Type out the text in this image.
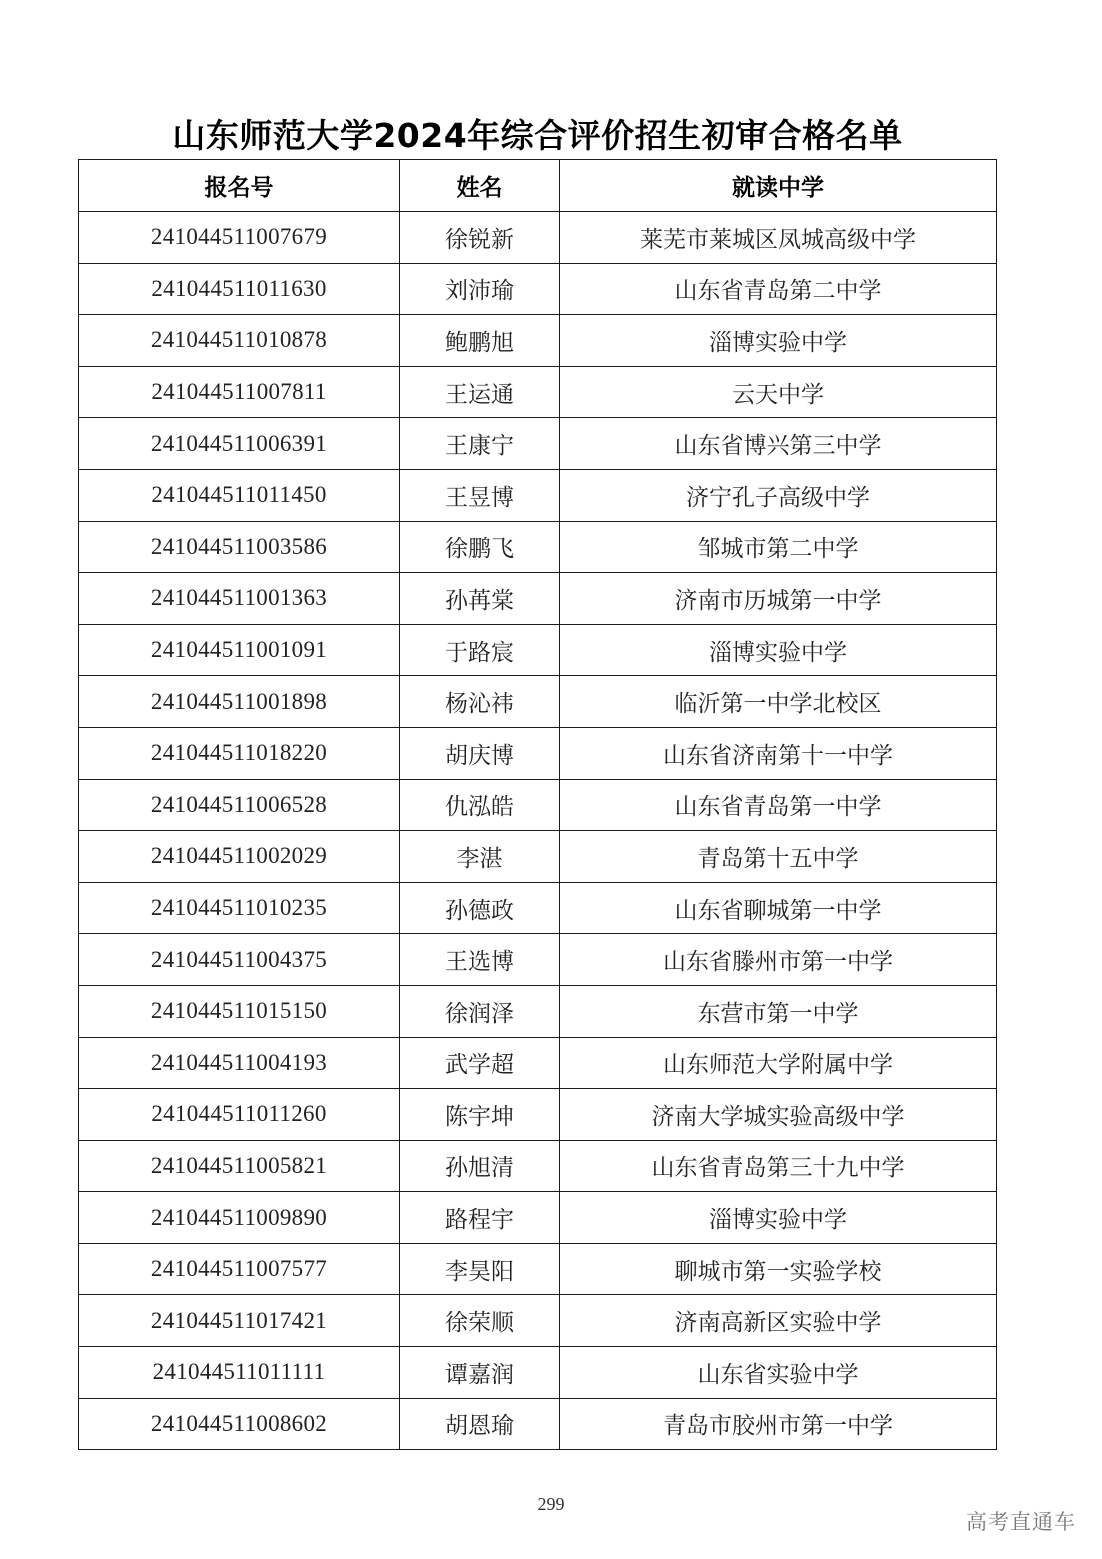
山东师范大学2024年综合评价招生初审合格名单
报名号	姓名	就读中学
241044511007679	徐锐新	莱芜市莱城区凤城高级中学
241044511011630	刘沛瑜	山东省青岛第二中学
241044511010878	鲍鹏旭	淄博实验中学
241044511007811	王运通	云天中学
241044511006391	王康宁	山东省博兴第三中学
241044511011450	王昱博	济宁孔子高级中学
241044511003586	徐鹏飞	邹城市第二中学
241044511001363	孙苒棠	济南市历城第一中学
241044511001091	于路宸	淄博实验中学
241044511001898	杨沁祎	临沂第一中学北校区
241044511018220	胡庆博	山东省济南第十一中学
241044511006528	仇泓皓	山东省青岛第一中学
241044511002029	李湛	青岛第十五中学
241044511010235	孙德政	山东省聊城第一中学
241044511004375	王选博	山东省滕州市第一中学
241044511015150	徐润泽	东营市第一中学
241044511004193	武学超	山东师范大学附属中学
241044511011260	陈宇坤	济南大学城实验高级中学
241044511005821	孙旭清	山东省青岛第三十九中学
241044511009890	路程宇	淄博实验中学
241044511007577	李昊阳	聊城市第一实验学校
241044511017421	徐荣顺	济南高新区实验中学
241044511011111	谭嘉润	山东省实验中学
241044511008602	胡恩瑜	青岛市胶州市第一中学
299
高考直通车
